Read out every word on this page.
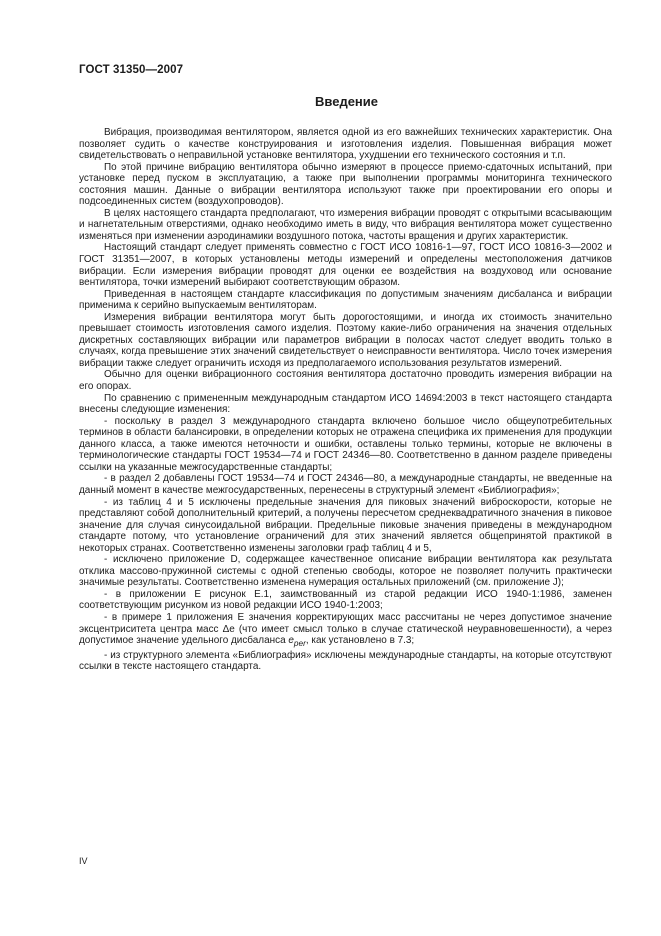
ГОСТ 31350—2007
Введение

Вибрация, производимая вентилятором, является одной из его важнейших технических характеристик. Она позволяет судить о качестве конструирования и изготовления изделия. Повышенная вибрация может свидетельствовать о неправильной установке вентилятора, ухудшении его технического состояния и т.п.

По этой причине вибрацию вентилятора обычно измеряют в процессе приемо-сдаточных испытаний, при установке перед пуском в эксплуатацию, а также при выполнении программы мониторинга технического состояния машин. Данные о вибрации вентилятора используют также при проектировании его опоры и подсоединенных систем (воздухопроводов).

В целях настоящего стандарта предполагают, что измерения вибрации проводят с открытыми всасывающим и нагнетательным отверстиями, однако необходимо иметь в виду, что вибрация вентилятора может существенно изменяться при изменении аэродинамики воздушного потока, частоты вращения и других характеристик.

Настоящий стандарт следует применять совместно с ГОСТ ИСО 10816-1—97, ГОСТ ИСО 10816-3—2002 и ГОСТ 31351—2007, в которых установлены методы измерений и определены местоположения датчиков вибрации. Если измерения вибрации проводят для оценки ее воздействия на воздуховод или основание вентилятора, точки измерений выбирают соответствующим образом.

Приведенная в настоящем стандарте классификация по допустимым значениям дисбаланса и вибрации применима к серийно выпускаемым вентиляторам.

Измерения вибрации вентилятора могут быть дорогостоящими, и иногда их стоимость значительно превышает стоимость изготовления самого изделия. Поэтому какие-либо ограничения на значения отдельных дискретных составляющих вибрации или параметров вибрации в полосах частот следует вводить только в случаях, когда превышение этих значений свидетельствует о неисправности вентилятора. Число точек измерения вибрации также следует ограничить исходя из предполагаемого использования результатов измерений.

Обычно для оценки вибрационного состояния вентилятора достаточно проводить измерения вибрации на его опорах.

По сравнению с примененным международным стандартом ИСО 14694:2003 в текст настоящего стандарта внесены следующие изменения:

- поскольку в раздел 3 международного стандарта включено большое число общеупотребительных терминов в области балансировки, в определении которых не отражена специфика их применения для продукции данного класса, а также имеются неточности и ошибки, оставлены только термины, которые не включены в терминологические стандарты ГОСТ 19534—74 и ГОСТ 24346—80. Соответственно в данном разделе приведены ссылки на указанные межгосударственные стандарты;

- в раздел 2 добавлены ГОСТ 19534—74 и ГОСТ 24346—80, а международные стандарты, не введенные на данный момент в качестве межгосударственных, перенесены в структурный элемент «Библиография»;

- из таблиц 4 и 5 исключены предельные значения для пиковых значений виброскорости, которые не представляют собой дополнительный критерий, а получены пересчетом среднеквадратичного значения в пиковое значение для случая синусоидальной вибрации. Предельные пиковые значения приведены в международном стандарте потому, что установление ограничений для этих значений является общепринятой практикой в некоторых странах. Соответственно изменены заголовки граф таблиц 4 и 5,

- исключено приложение D, содержащее качественное описание вибрации вентилятора как результата отклика массово-пружинной системы с одной степенью свободы, которое не позволяет получить практически значимые результаты. Соответственно изменена нумерация остальных приложений (см. приложение J);

- в приложении Е рисунок Е.1, заимствованный из старой редакции ИСО 1940-1:1986, заменен соответствующим рисунком из новой редакции ИСО 1940-1:2003;

- в примере 1 приложения Е значения корректирующих масс рассчитаны не через допустимое значение эксцентриситета центра масс Δе (что имеет смысл только в случае статической неуравновешенности), а через допустимое значение удельного дисбаланса $e_{per}$, как установлено в 7.3;

- из структурного элемента «Библиография» исключены международные стандарты, на которые отсутствуют ссылки в тексте настоящего стандарта.

IV
